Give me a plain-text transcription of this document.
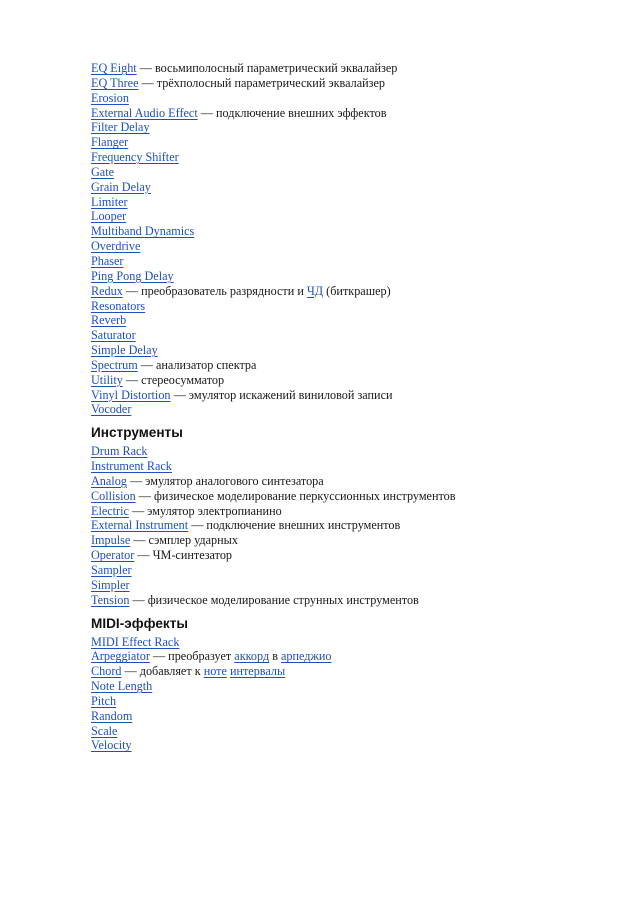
EQ Eight — восьмиполосный параметрический эквалайзер
EQ Three — трёхполосный параметрический эквалайзер
Erosion
External Audio Effect — подключение внешних эффектов
Filter Delay
Flanger
Frequency Shifter
Gate
Grain Delay
Limiter
Looper
Multiband Dynamics
Overdrive
Phaser
Ping Pong Delay
Redux — преобразователь разрядности и ЧД (биткрашер)
Resonators
Reverb
Saturator
Simple Delay
Spectrum — анализатор спектра
Utility — стереосумматор
Vinyl Distortion — эмулятор искажений виниловой записи
Vocoder
Инструменты
Drum Rack
Instrument Rack
Analog — эмулятор аналогового синтезатора
Collision — физическое моделирование перкуссионных инструментов
Electric — эмулятор электропианино
External Instrument — подключение внешних инструментов
Impulse — сэмплер ударных
Operator — ЧМ-синтезатор
Sampler
Simpler
Tension — физическое моделирование струнных инструментов
MIDI-эффекты
MIDI Effect Rack
Arpeggiator — преобразует аккорд в арпеджио
Chord — добавляет к ноте интервалы
Note Length
Pitch
Random
Scale
Velocity
